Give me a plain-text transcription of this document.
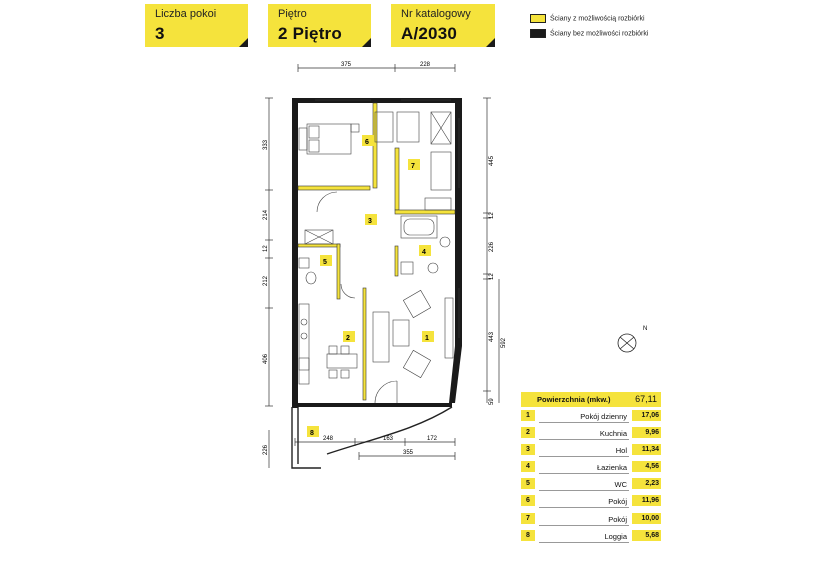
Liczba pokoi
3
Piętro
2 Piętro
Nr katalogowy
A/2030
Ściany z możliwością rozbiórki
Ściany bez możliwości rozbiórki
375	228
333
214
12
212
406
226
445
12
226
12
443
592
59
248	163	172
355
N
6
7
3
4
5
2	1
8
Powierzchnia (mkw.)	67,11
1	Pokój dzienny	17,06
2	Kuchnia	9,96
3	Hol	11,34
4	Łazienka	4,56
5	WC	2,23
6	Pokój	11,96
7	Pokój	10,00
8	Loggia	5,68
